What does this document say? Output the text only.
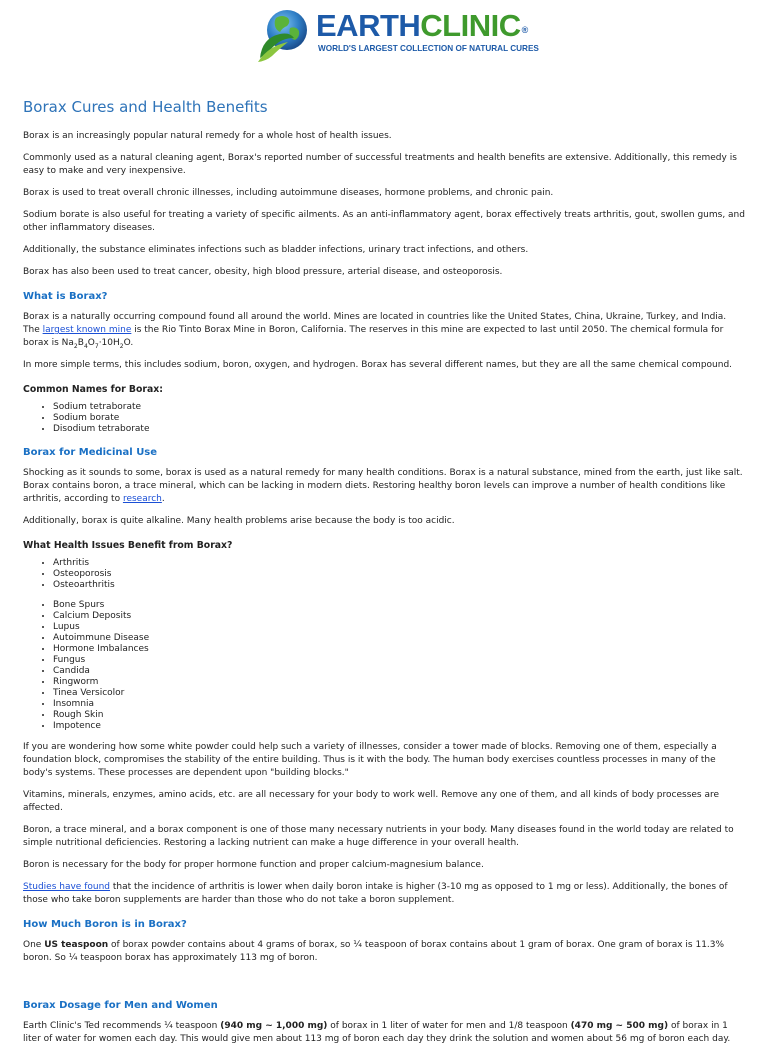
EARTHCLINIC®
WORLD'S LARGEST COLLECTION OF NATURAL CURES
Borax Cures and Health Benefits

Borax is an increasingly popular natural remedy for a whole host of health issues.

Commonly used as a natural cleaning agent, Borax's reported number of successful treatments and health benefits are extensive. Additionally, this remedy is easy to make and very inexpensive.

Borax is used to treat overall chronic illnesses, including autoimmune diseases, hormone problems, and chronic pain.

Sodium borate is also useful for treating a variety of specific ailments. As an anti-inflammatory agent, borax effectively treats arthritis, gout, swollen gums, and other inflammatory diseases.

Additionally, the substance eliminates infections such as bladder infections, urinary tract infections, and others.

Borax has also been used to treat cancer, obesity, high blood pressure, arterial disease, and osteoporosis.

What is Borax?

Borax is a naturally occurring compound found all around the world. Mines are located in countries like the United States, China, Ukraine, Turkey, and India. The largest known mine is the Rio Tinto Borax Mine in Boron, California. The reserves in this mine are expected to last until 2050. The chemical formula for borax is $Na_2B_4O_7\cdot 10H_2O$.

In more simple terms, this includes sodium, boron, oxygen, and hydrogen. Borax has several different names, but they are all the same chemical compound.

Common Names for Borax:
• Sodium tetraborate
• Sodium borate
• Disodium tetraborate
Borax for Medicinal Use

Shocking as it sounds to some, borax is used as a natural remedy for many health conditions. Borax is a natural substance, mined from the earth, just like salt. Borax contains boron, a trace mineral, which can be lacking in modern diets. Restoring healthy boron levels can improve a number of health conditions like arthritis, according to research.

Additionally, borax is quite alkaline. Many health problems arise because the body is too acidic.

What Health Issues Benefit from Borax?
• Arthritis
• Osteoporosis
• Osteoarthritis
• Bone Spurs
• Calcium Deposits
• Lupus
• Autoimmune Disease
• Hormone Imbalances
• Fungus
• Candida
• Ringworm
• Tinea Versicolor
• Insomnia
• Rough Skin
• Impotence

If you are wondering how some white powder could help such a variety of illnesses, consider a tower made of blocks. Removing one of them, especially a foundation block, compromises the stability of the entire building. Thus is it with the body. The human body exercises countless processes in many of the body's systems. These processes are dependent upon "building blocks."

Vitamins, minerals, enzymes, amino acids, etc. are all necessary for your body to work well. Remove any one of them, and all kinds of body processes are affected.

Boron, a trace mineral, and a borax component is one of those many necessary nutrients in your body. Many diseases found in the world today are related to simple nutritional deficiencies. Restoring a lacking nutrient can make a huge difference in your overall health.

Boron is necessary for the body for proper hormone function and proper calcium-magnesium balance.

Studies have found that the incidence of arthritis is lower when daily boron intake is higher (3-10 mg as opposed to 1 mg or less). Additionally, the bones of those who take boron supplements are harder than those who do not take a boron supplement.

How Much Boron is in Borax?

One US teaspoon of borax powder contains about 4 grams of borax, so ¼ teaspoon of borax contains about 1 gram of borax. One gram of borax is 11.3% boron. So ¼ teaspoon borax has approximately 113 mg of boron.

Borax Dosage for Men and Women

Earth Clinic's Ted recommends ¼ teaspoon (940 mg ~ 1,000 mg) of borax in 1 liter of water for men and 1/8 teaspoon (470 mg ~ 500 mg) of borax in 1 liter of water for women each day. This would give men about 113 mg of boron each day they drink the solution and women about 56 mg of boron each day.
